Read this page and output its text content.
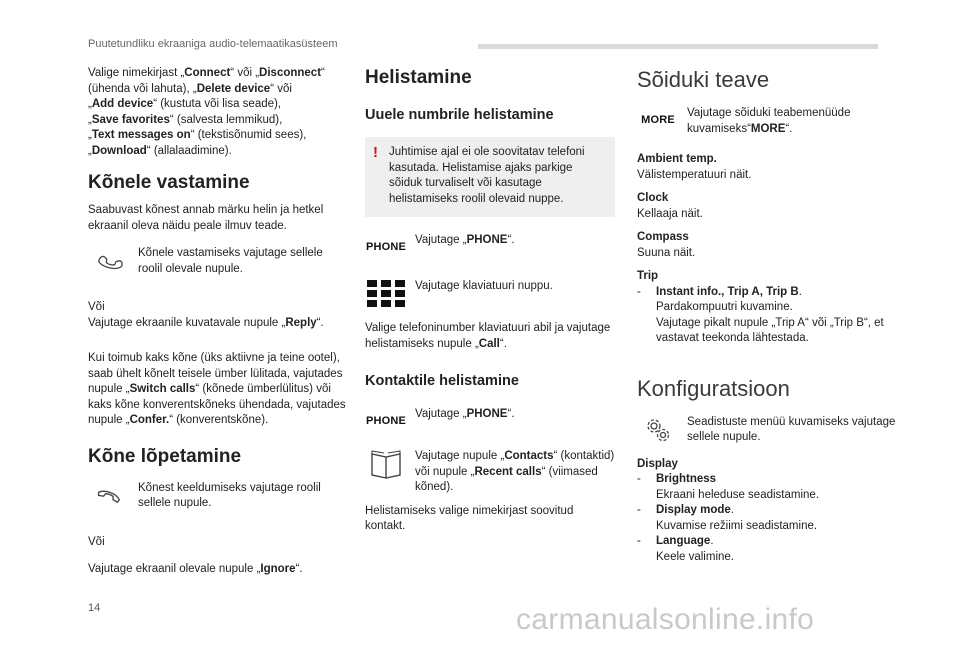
Puutetundliku ekraaniga audio-telemaatikasüsteem

Valige nimekirjast „Connect“ või „Disconnect“

(ühenda või lahuta), „Delete device“ või

„Add device“ (kustuta või lisa seade),

„Save favorites“ (salvesta lemmikud),

„Text messages on“ (tekstisõnumid sees),

„Download“ (allalaadimine).

Kõnele vastamine

Saabuvast kõnest annab märku helin ja hetkel ekraanil oleva näidu peale ilmuv teade.

Kõnele vastamiseks vajutage sellele roolil olevale nupule.

Või

Vajutage ekraanile kuvatavale nupule „Reply“.

Kui toimub kaks kõne (üks aktiivne ja teine ootel), saab ühelt kõnelt teisele ümber lülitada, vajutades nupule „Switch calls“ (kõnede ümberlülitus) või kaks kõne konverentskõneks ühendada, vajutades nupule „Confer.“ (konverentskõne).

Kõne lõpetamine

Kõnest keeldumiseks vajutage roolil sellele nupule.

Või

Vajutage ekraanil olevale nupule „Ignore“.

Helistamine
Uuele numbrile helistamine
! Juhtimise ajal ei ole soovitatav telefoni kasutada. Helistamise ajaks parkige sõiduk turvaliselt või kasutage helistamiseks roolil olevaid nuppe.

PHONE

Vajutage „PHONE“.

Vajutage klaviatuuri nuppu.

Valige telefoninumber klaviatuuri abil ja vajutage helistamiseks nupule „Call“.

Kontaktile helistamine
PHONE

Vajutage „PHONE“.

Vajutage nupule „Contacts“ (kontaktid) või nupule „Recent calls“ (viimased kõned).

Helistamiseks valige nimekirjast soovitud kontakt.

Sõiduki teave
MORE

Vajutage sõiduki teabemenüüde kuvamiseks“MORE“.

Ambient temp.

Välistemperatuuri näit.

Clock

Kellaaja näit.

Compass

Suuna näit.

Trip

- Instant info., Trip A, Trip B.

Pardakompuutri kuvamine.

Vajutage pikalt nupule „Trip A“ või „Trip B“, et vastavat teekonda lähtestada.

Konfiguratsioon

Seadistuste menüü kuvamiseks vajutage sellele nupule.

Display

- Brightness

Ekraani heleduse seadistamine.

- Display mode.

Kuvamise režiimi seadistamine.

- Language.

Keele valimine.

14	carmanualsonline.info
